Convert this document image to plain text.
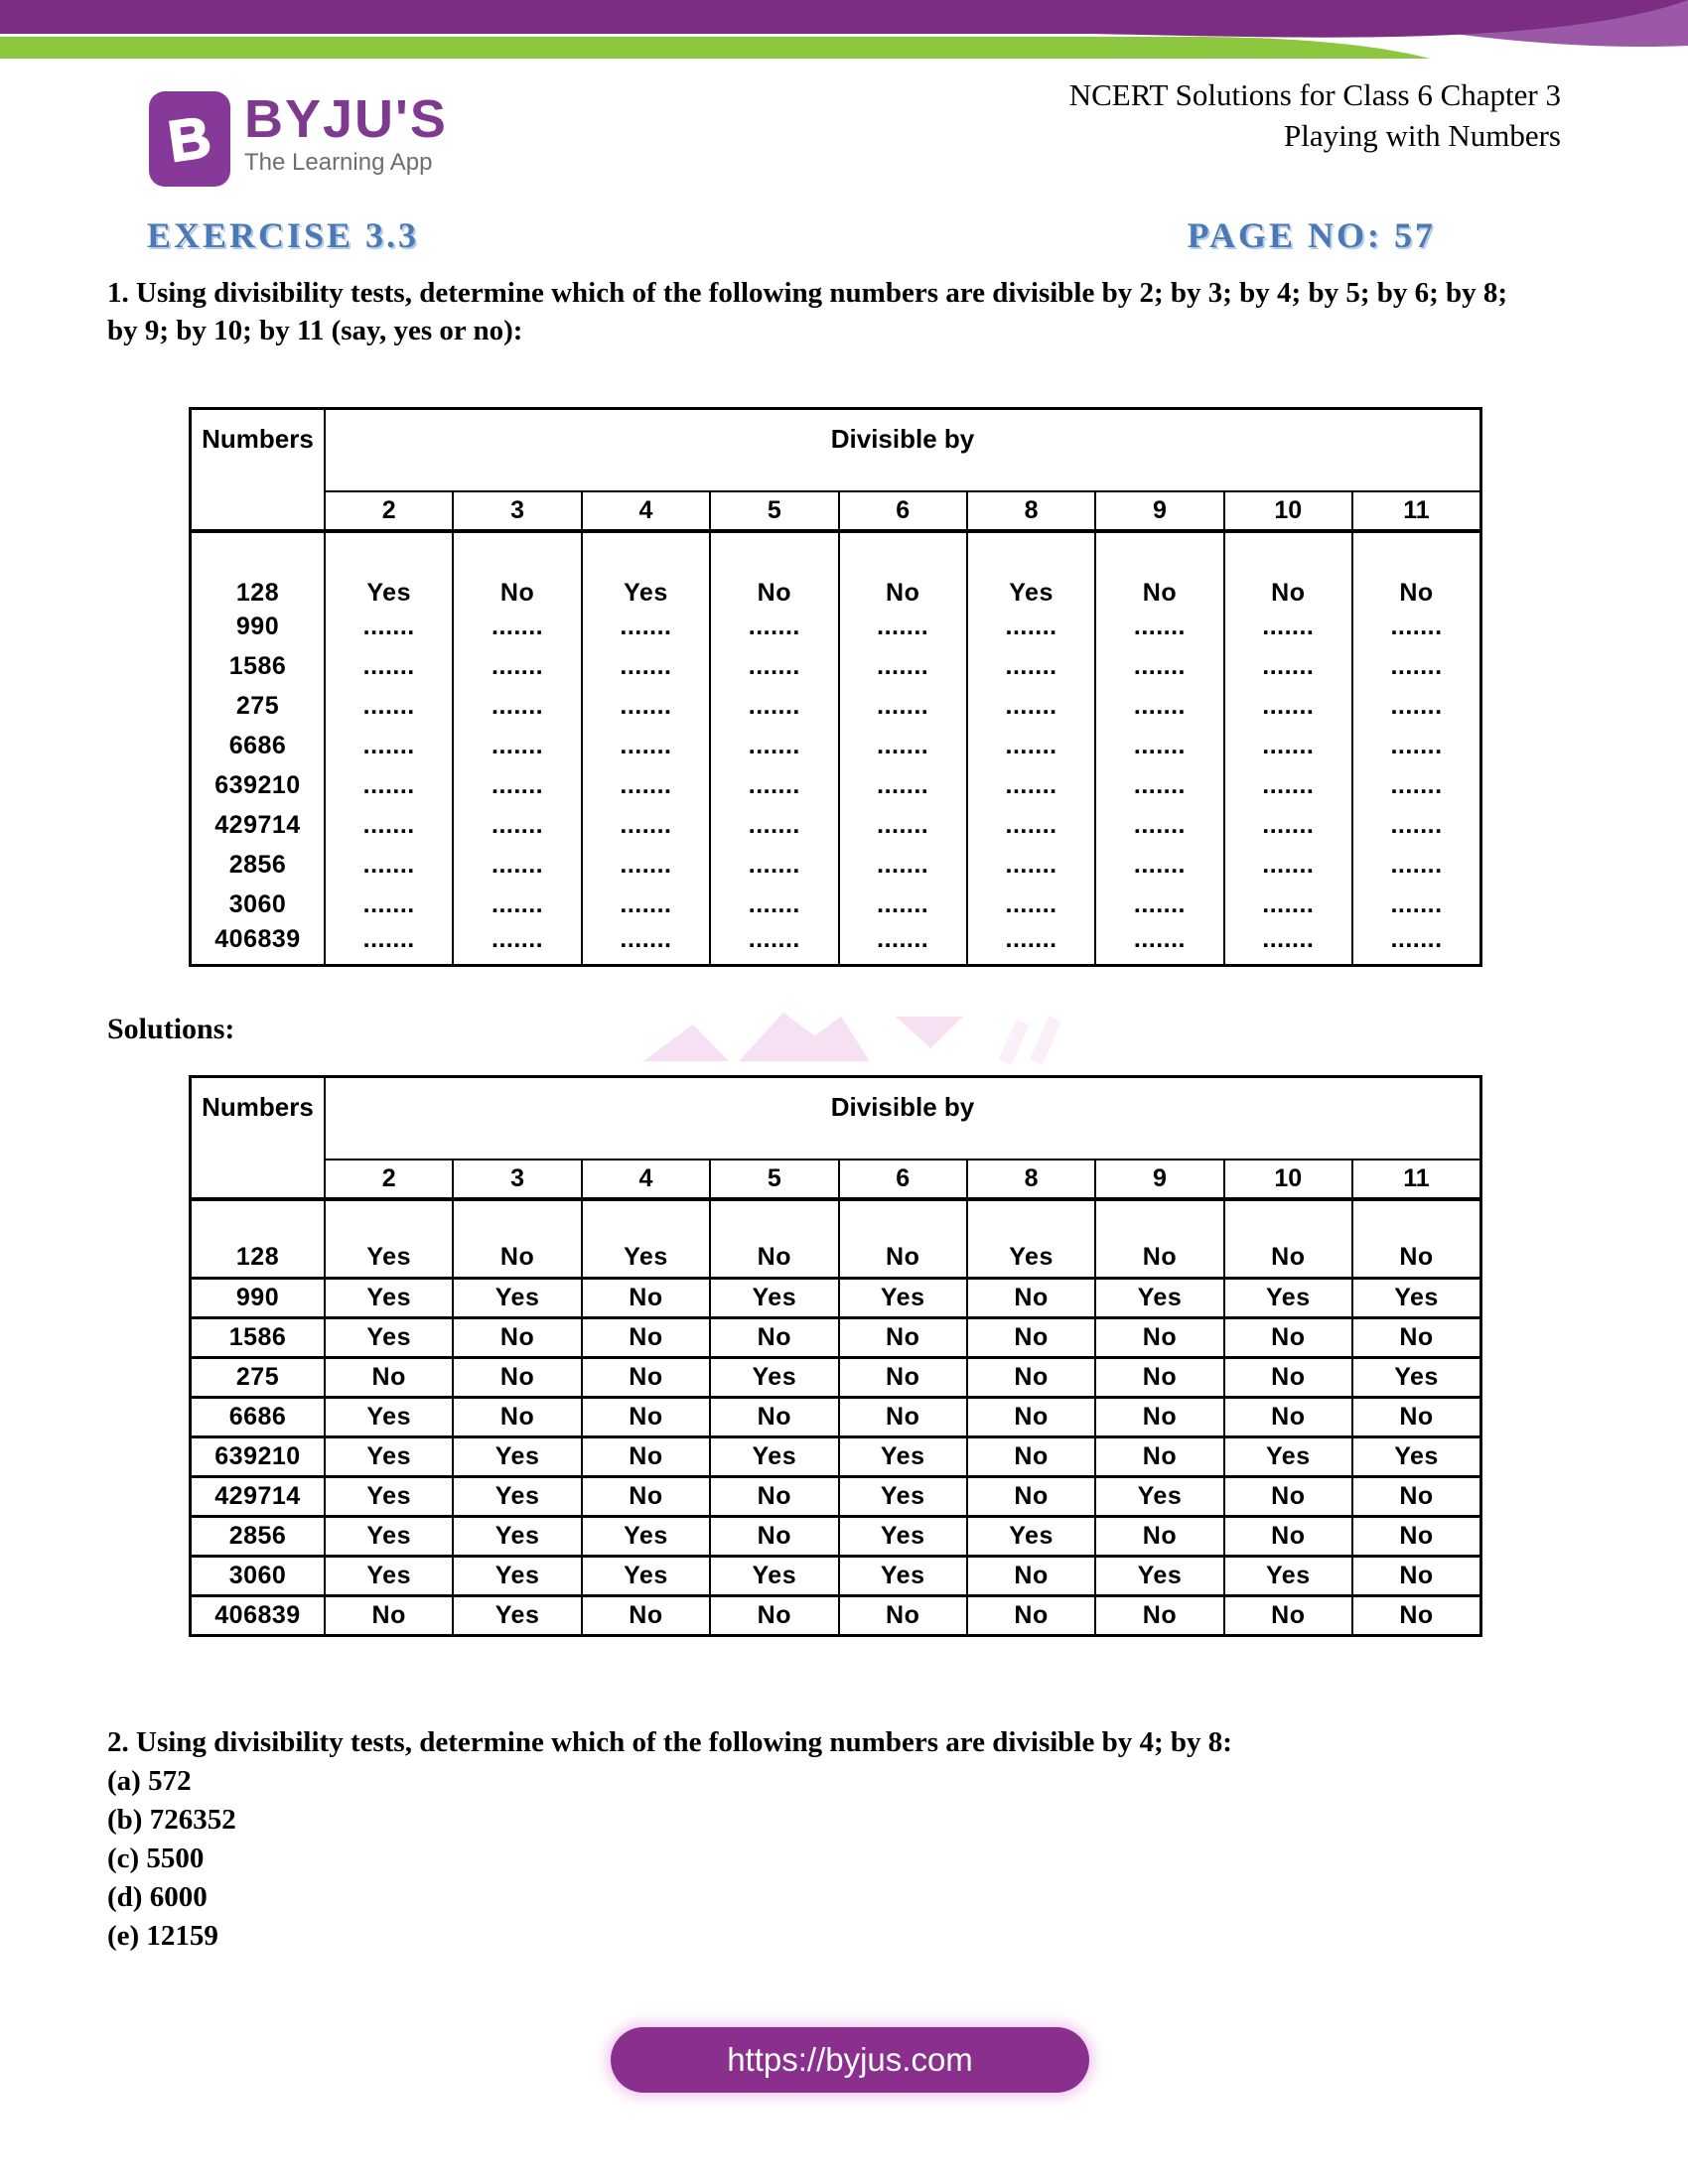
B BYJU'S
The Learning App
NCERT Solutions for Class 6 Chapter 3
Playing with Numbers
EXERCISE 3.3	PAGE NO: 57
1. Using divisibility tests, determine which of the following numbers are divisible by 2; by 3; by 4; by 5; by 6; by 8; by 9; by 10; by 11 (say, yes or no):
Numbers	Divisible by								
	2	3	4	5	6	8	9	10	11
128	Yes	No	Yes	No	No	Yes	No	No	No
990	.......	.......	.......	.......	.......	.......	.......	.......	.......
1586	.......	.......	.......	.......	.......	.......	.......	.......	.......
275	.......	.......	.......	.......	.......	.......	.......	.......	.......
6686	.......	.......	.......	.......	.......	.......	.......	.......	.......
639210	.......	.......	.......	.......	.......	.......	.......	.......	.......
429714	.......	.......	.......	.......	.......	.......	.......	.......	.......
2856	.......	.......	.......	.......	.......	.......	.......	.......	.......
3060	.......	.......	.......	.......	.......	.......	.......	.......	.......
406839	.......	.......	.......	.......	.......	.......	.......	.......	.......
Solutions:
Numbers	Divisible by								
	2	3	4	5	6	8	9	10	11
128	Yes	No	Yes	No	No	Yes	No	No	No
990	Yes	Yes	No	Yes	Yes	No	Yes	Yes	Yes
1586	Yes	No	No	No	No	No	No	No	No
275	No	No	No	Yes	No	No	No	No	Yes
6686	Yes	No	No	No	No	No	No	No	No
639210	Yes	Yes	No	Yes	Yes	No	No	Yes	Yes
429714	Yes	Yes	No	No	Yes	No	Yes	No	No
2856	Yes	Yes	Yes	No	Yes	Yes	No	No	No
3060	Yes	Yes	Yes	Yes	Yes	No	Yes	Yes	No
406839	No	Yes	No	No	No	No	No	No	No
2. Using divisibility tests, determine which of the following numbers are divisible by 4; by 8:
(a) 572
(b) 726352
(c) 5500
(d) 6000
(e) 12159
https://byjus.com
